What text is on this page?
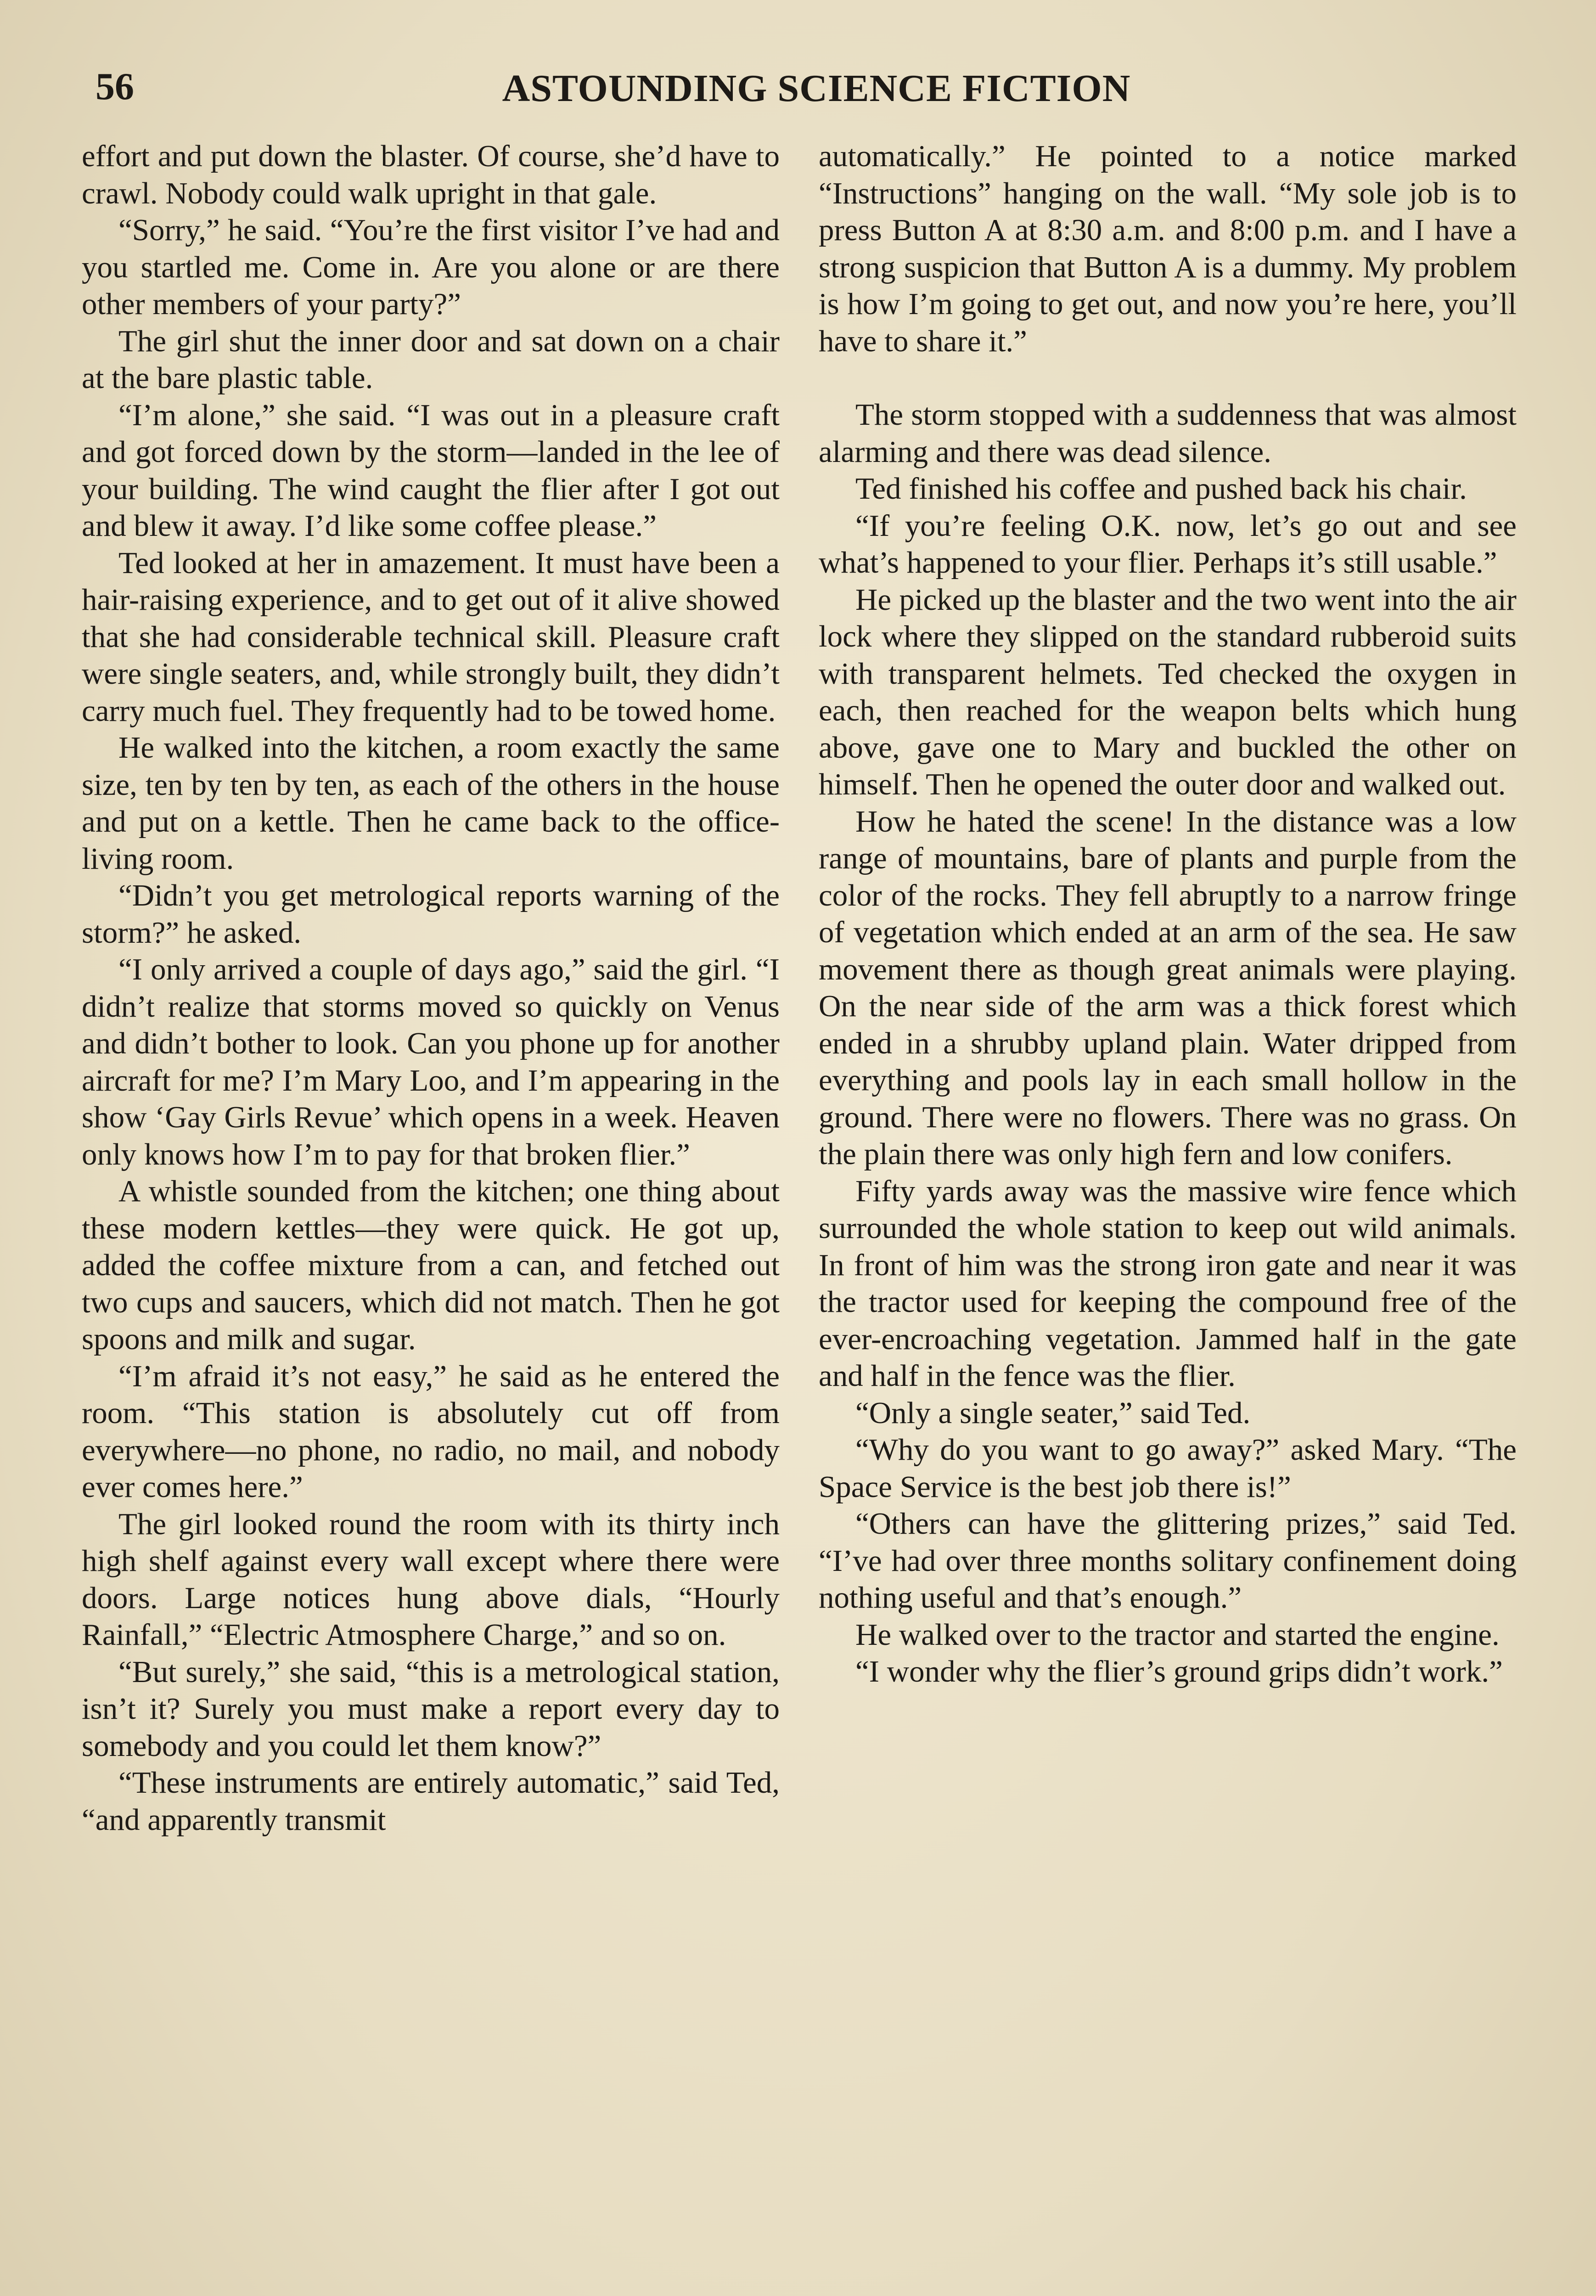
56	ASTOUNDING SCIENCE FICTION

effort and put down the blaster. Of course, she’d have to crawl. Nobody could walk upright in that gale.

“Sorry,” he said. “You’re the first visitor I’ve had and you startled me. Come in. Are you alone or are there other members of your party?”

The girl shut the inner door and sat down on a chair at the bare plastic table.

“I’m alone,” she said. “I was out in a pleasure craft and got forced down by the storm—landed in the lee of your building. The wind caught the flier after I got out and blew it away. I’d like some coffee please.”

Ted looked at her in amazement. It must have been a hair-raising experience, and to get out of it alive showed that she had considerable technical skill. Pleasure craft were single seaters, and, while strongly built, they didn’t carry much fuel. They frequently had to be towed home.

He walked into the kitchen, a room exactly the same size, ten by ten by ten, as each of the others in the house and put on a kettle. Then he came back to the office-living room.

“Didn’t you get metrological reports warning of the storm?” he asked.

“I only arrived a couple of days ago,” said the girl. “I didn’t realize that storms moved so quickly on Venus and didn’t bother to look. Can you phone up for another aircraft for me? I’m Mary Loo, and I’m appearing in the show ‘Gay Girls Revue’ which opens in a week. Heaven only knows how I’m to pay for that broken flier.”

A whistle sounded from the kitchen; one thing about these modern kettles—they were quick. He got up, added the coffee mixture from a can, and fetched out two cups and saucers, which did not match. Then he got spoons and milk and sugar.

“I’m afraid it’s not easy,” he said as he entered the room. “This station is absolutely cut off from everywhere—no phone, no radio, no mail, and nobody ever comes here.”

The girl looked round the room with its thirty inch high shelf against every wall except where there were doors. Large notices hung above dials, “Hourly Rainfall,” “Electric Atmosphere Charge,” and so on.

“But surely,” she said, “this is a metrological station, isn’t it? Surely you must make a report every day to somebody and you could let them know?”

“These instruments are entirely automatic,” said Ted, “and apparently transmit

automatically.” He pointed to a notice marked “Instructions” hanging on the wall. “My sole job is to press Button A at 8:30 a.m. and 8:00 p.m. and I have a strong suspicion that Button A is a dummy. My problem is how I’m going to get out, and now you’re here, you’ll have to share it.”

The storm stopped with a suddenness that was almost alarming and there was dead silence.

Ted finished his coffee and pushed back his chair.

“If you’re feeling O.K. now, let’s go out and see what’s happened to your flier. Perhaps it’s still usable.”

He picked up the blaster and the two went into the air lock where they slipped on the standard rubberoid suits with transparent helmets. Ted checked the oxygen in each, then reached for the weapon belts which hung above, gave one to Mary and buckled the other on himself. Then he opened the outer door and walked out.

How he hated the scene! In the distance was a low range of mountains, bare of plants and purple from the color of the rocks. They fell abruptly to a narrow fringe of vegetation which ended at an arm of the sea. He saw movement there as though great animals were playing. On the near side of the arm was a thick forest which ended in a shrubby upland plain. Water dripped from everything and pools lay in each small hollow in the ground. There were no flowers. There was no grass. On the plain there was only high fern and low conifers.

Fifty yards away was the massive wire fence which surrounded the whole station to keep out wild animals. In front of him was the strong iron gate and near it was the tractor used for keeping the compound free of the ever-encroaching vegetation. Jammed half in the gate and half in the fence was the flier.

“Only a single seater,” said Ted.

“Why do you want to go away?” asked Mary. “The Space Service is the best job there is!”

“Others can have the glittering prizes,” said Ted. “I’ve had over three months solitary confinement doing nothing useful and that’s enough.”

He walked over to the tractor and started the engine.

“I wonder why the flier’s ground grips didn’t work.”
